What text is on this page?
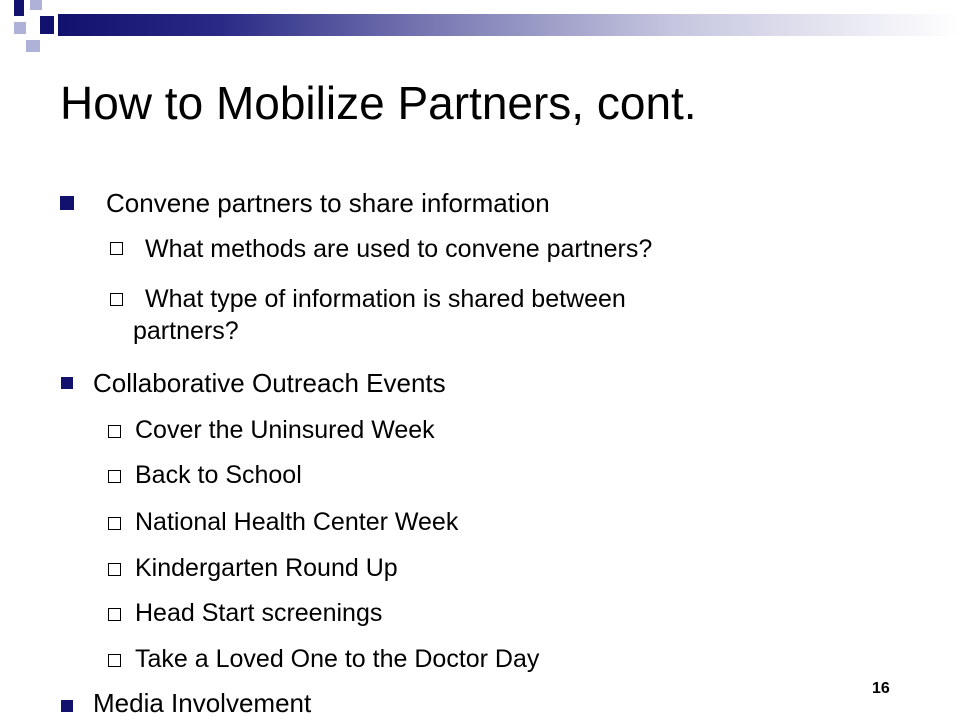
How to Mobilize Partners, cont.
Convene partners to share information
What methods are used to convene partners?
What type of information is shared between
partners?
Collaborative Outreach Events
Cover the Uninsured Week
Back to School
National Health Center Week
Kindergarten Round Up
Head Start screenings
Take a Loved One to the Doctor Day
Media Involvement	16
